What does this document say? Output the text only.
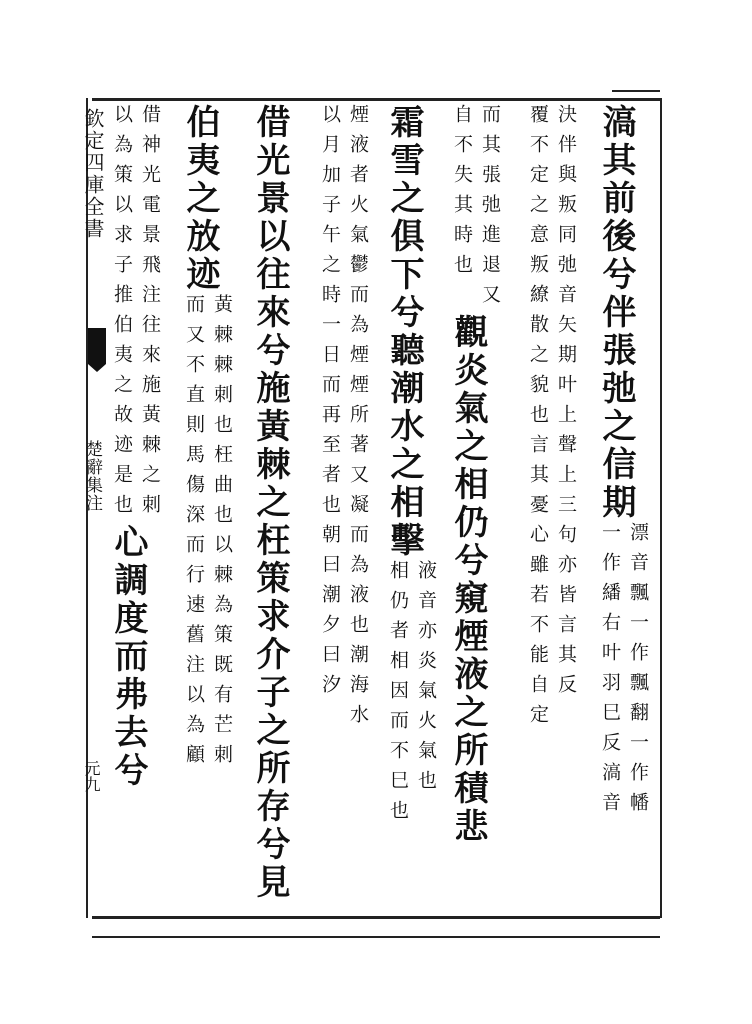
欽定四庫全書
楚辭集注
元九
滈其前後兮伴張弛之信期
漂音飄一作飄翻一作幡
一作繙右叶羽巳反滈音
決伴與叛同弛音矢期叶上聲上三句亦皆言其反
覆不定之意叛繚散之貌也言其憂心雖若不能自定
而其張弛進退又
自不失其時也
觀炎氣之相仍兮窺煙液之所積悲
霜雪之俱下兮聽潮水之相擊
液音亦炎氣火氣也
相仍者相因而不巳也
煙液者火氣鬱而為煙煙所著又凝而為液也潮海水
以月加子午之時一日而再至者也朝曰潮夕曰汐
借光景以往來兮施黃棘之枉策求介子之所存兮見
伯夷之放迹
黃棘棘刺也枉曲也以棘為策既有芒刺
而又不直則馬傷深而行速舊注以為顧
借神光電景飛注往來施黃棘之刺
以為策以求子推伯夷之故迹是也
心調度而弗去兮
